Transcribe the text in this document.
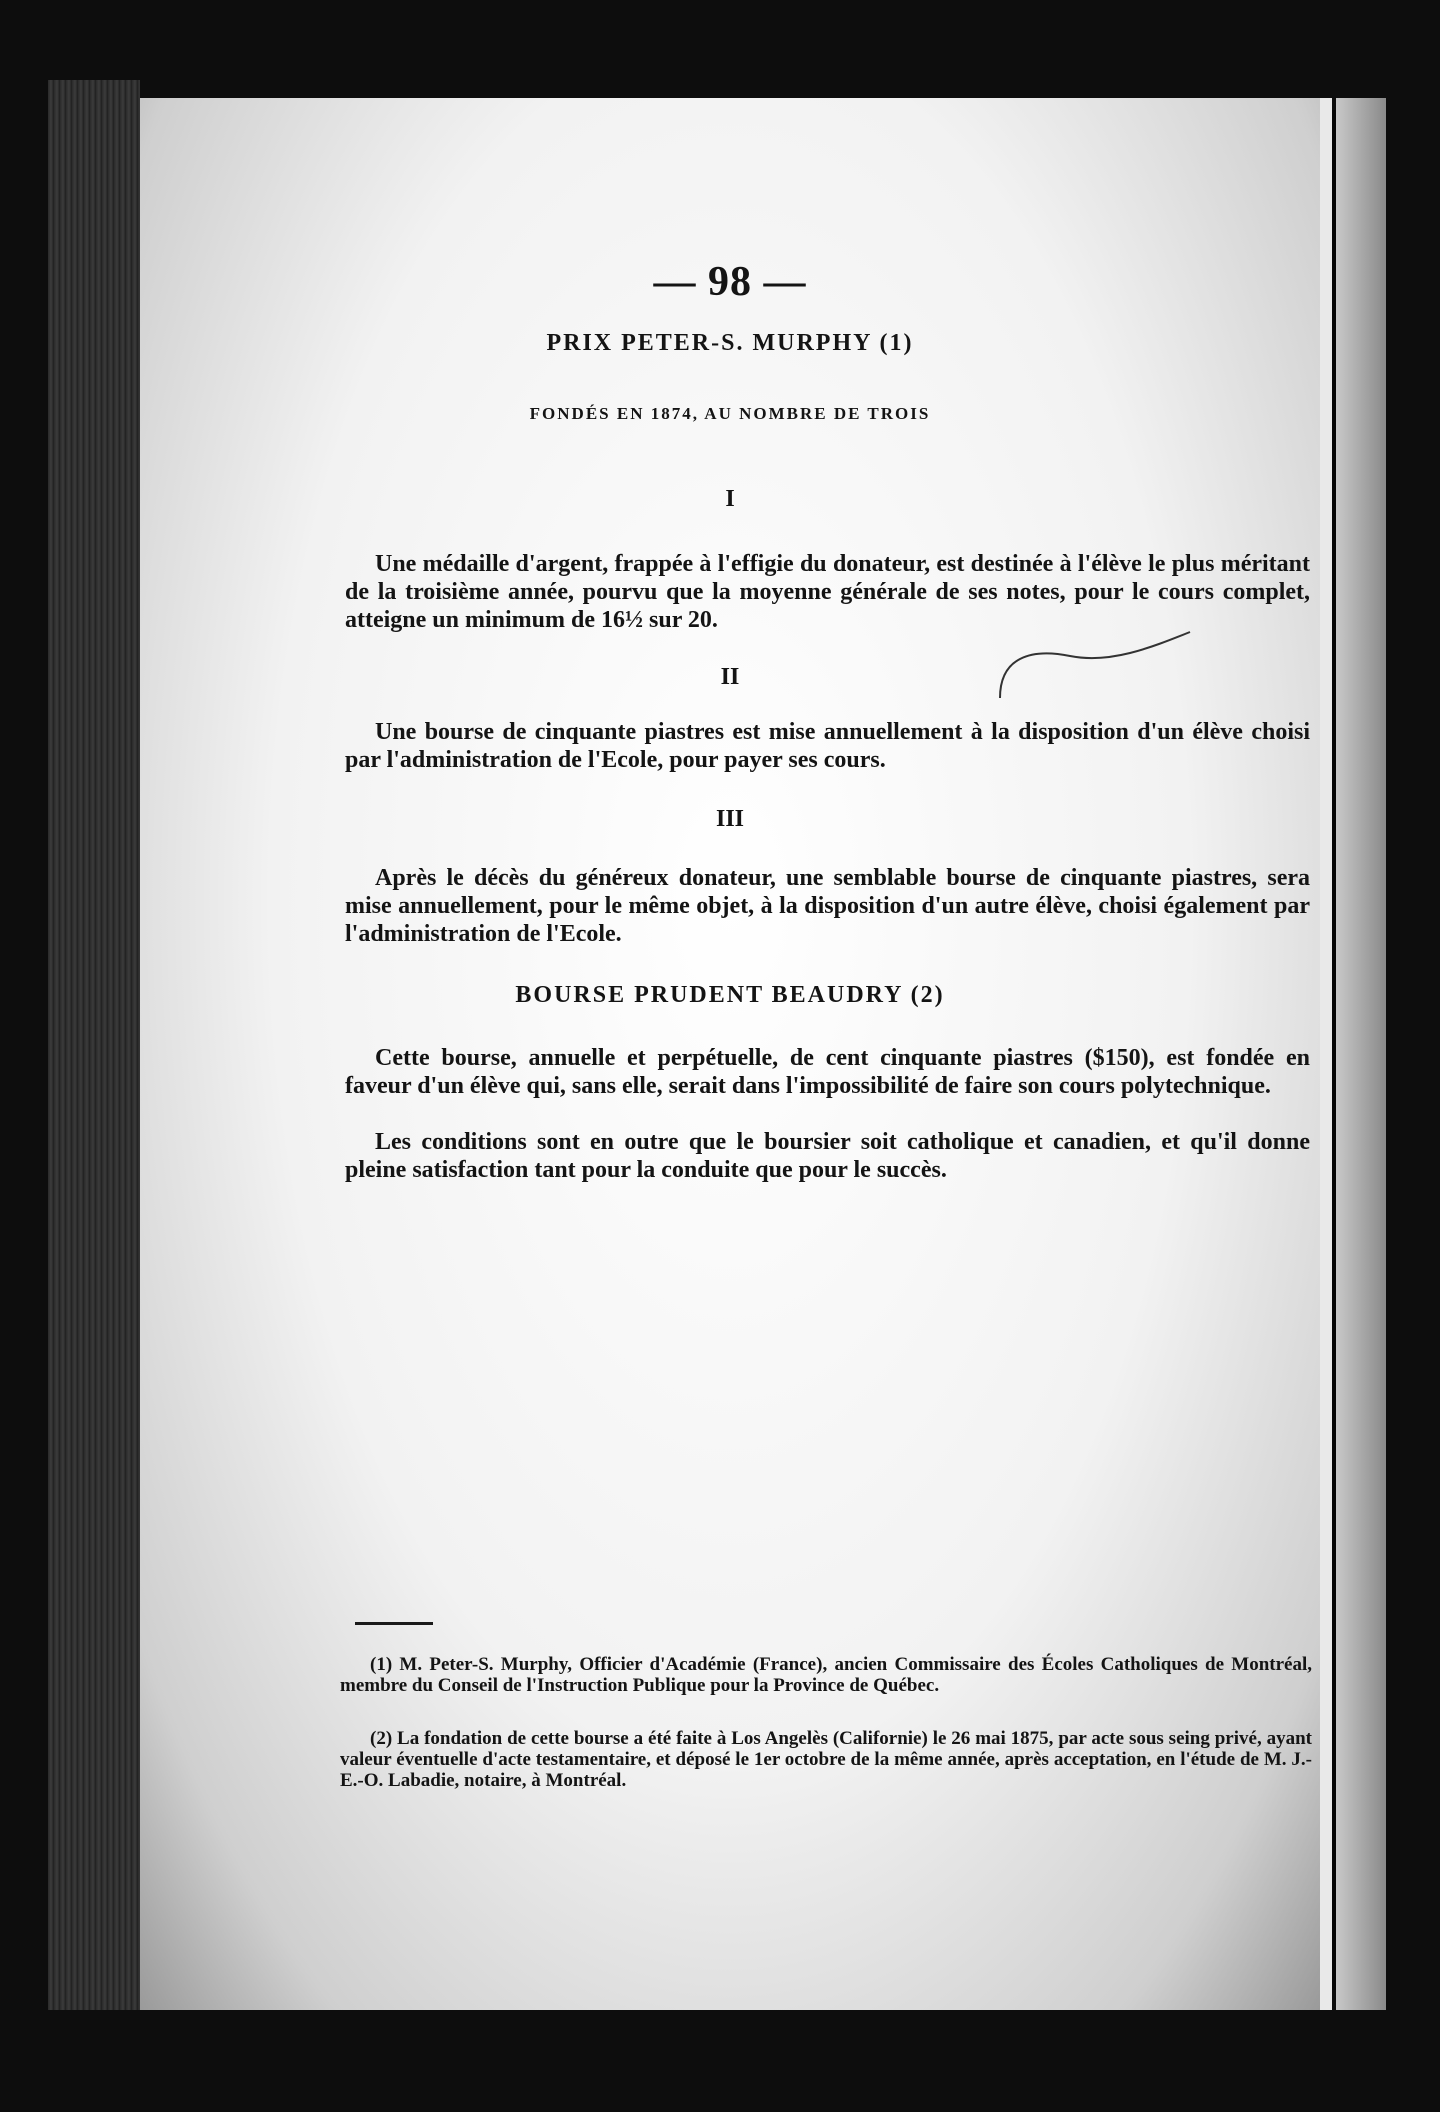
— 98 —
PRIX PETER-S. MURPHY (1)
FONDÉS EN 1874, AU NOMBRE DE TROIS
I

Une médaille d'argent, frappée à l'effigie du donateur, est destinée à l'élève le plus méritant de la troisième année, pourvu que la moyenne générale de ses notes, pour le cours complet, atteigne un minimum de 16½ sur 20.

II

Une bourse de cinquante piastres est mise annuellement à la disposition d'un élève choisi par l'administration de l'Ecole, pour payer ses cours.

III

Après le décès du généreux donateur, une semblable bourse de cinquante piastres, sera mise annuellement, pour le même objet, à la disposition d'un autre élève, choisi également par l'administration de l'Ecole.

BOURSE PRUDENT BEAUDRY (2)

Cette bourse, annuelle et perpétuelle, de cent cinquante piastres ($150), est fondée en faveur d'un élève qui, sans elle, serait dans l'impossibilité de faire son cours polytechnique.

Les conditions sont en outre que le boursier soit catholique et canadien, et qu'il donne pleine satisfaction tant pour la conduite que pour le succès.

(1) M. Peter-S. Murphy, Officier d'Académie (France), ancien Commissaire des Écoles Catholiques de Montréal, membre du Conseil de l'Instruction Publique pour la Province de Québec.

(2) La fondation de cette bourse a été faite à Los Angelès (Californie) le 26 mai 1875, par acte sous seing privé, ayant valeur éventuelle d'acte testamentaire, et déposé le 1er octobre de la même année, après acceptation, en l'étude de M. J.-E.-O. Labadie, notaire, à Montréal.
